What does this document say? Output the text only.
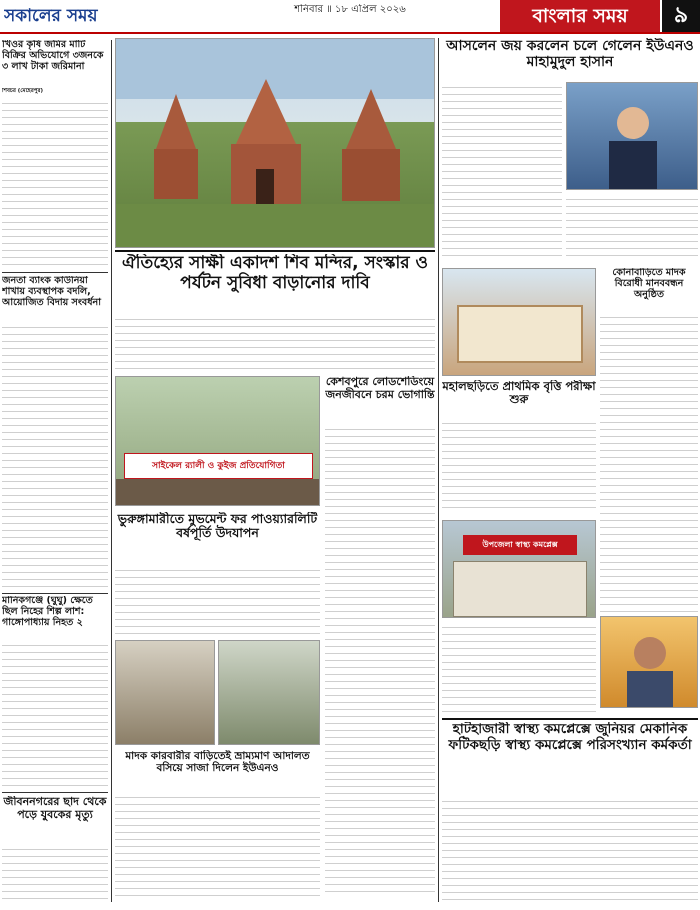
সকালের সময়	শনিবার ॥ ১৮ এপ্রিল ২০২৬	বাংলার সময়	৯
খিওর কৃষি জমির মাটি বিক্রির অভিযোগে ৩জনকে ৩ লাখ টাকা জরিমানা
শিবচর (মেহেরপুর)
জনতা ব্যাংক কাউনিয়া শাখায় ব্যবস্থাপক বদলি, আয়োজিত বিদায় সংবর্ধনা
মানিকগঞ্জে (ঘুঘু) ক্ষেতে ছিল নিহের শিল্প লাশ: গাঙ্গোপাধ্যায় নিহত ২
জীবননগরের ছাদ থেকে পড়ে যুবকের মৃত্যু
ঐতিহ্যের সাক্ষী একাদশ শিব মন্দির, সংস্কার ও পর্যটন সুবিধা বাড়ানোর দাবি
সাইকেল র‌্যালী ও কুইজ প্রতিযোগিতা
ভুরুঙ্গামারীতে মুভমেন্ট ফর পাওয়্যারলিটি বর্ষপূর্তি উদযাপন
কেশবপুরে লোডশেডিংয়ে জনজীবনে চরম ভোগান্তি
মাদক কারবারীর বাড়িতেই ভ্রাম্যমাণ আদালত বসিয়ে সাজা দিলেন ইউএনও
আসলেন জয় করলেন চলে গেলেন ইউএনও মাহামুদুল হাসান
মহালছড়িতে প্রাথমিক বৃত্তি পরীক্ষা শুরু
কোনাবাড়িতে মাদক বিরোধী মানববন্ধন অনুষ্ঠিত
উপজেলা স্বাস্থ্য কমপ্লেক্স
হাটহাজারী স্বাস্থ্য কমপ্লেক্সে জুনিয়র মেকানিক ফটিকছড়ি স্বাস্থ্য কমপ্লেক্সে পরিসংখ্যান কর্মকর্তা
